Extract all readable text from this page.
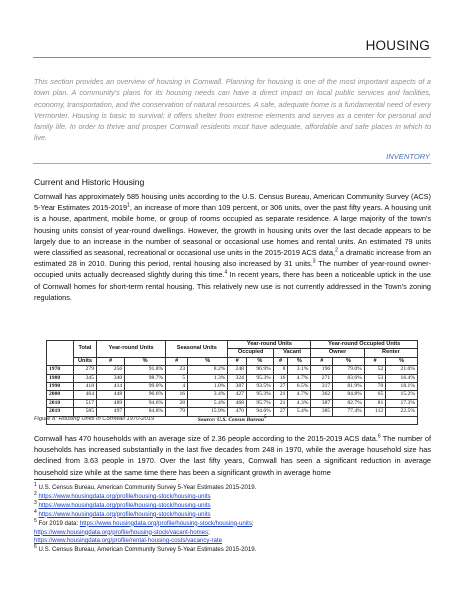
HOUSING

This section provides an overview of housing in Cornwall. Planning for housing is one of the most important aspects of a town plan. A community's plans for its housing needs can have a direct impact on local public services and facilities, economy, transportation, and the conservation of natural resources. A safe, adequate home is a fundamental need of every Vermonter. Housing is basic to survival; it offers shelter from extreme elements and serves as a center for personal and family life. In order to thrive and prosper Cornwall residents must have adequate, affordable and safe places in which to live.

INVENTORY
Current and Historic Housing

Cornwall has approximately 585 housing units according to the U.S. Census Bureau, American Community Survey (ACS) 5-Year Estimates 2015-2019$^1$, an increase of more than 109 percent, or 306 units, over the past fifty years. A housing unit is a house, apartment, mobile home, or group of rooms occupied as separate residence. A large majority of the town's housing units consist of year-round dwellings. However, the growth in housing units over the last decade appears to be largely due to an increase in the number of seasonal or occasional use homes and rental units. An estimated 79 units were classified as seasonal, recreational or occasional use units in the 2015-2019 ACS data,$^2$ a dramatic increase from an estimated 28 in 2010. During this period, rental housing also increased by 31 units.$^3$ The number of year-round owner-occupied units actually decreased slightly during this time.$^4$ In recent years, there has been a noticeable uptick in the use of Cornwall homes for short-term rental housing. This relatively new use is not currently addressed in the Town's zoning regulations.

	Total	Year-round Units		Seasonal Units		Year-round Units				Year-round Occupied Units			
						Occupied		Vacant		Owner		Renter	
	Units	#	%	#	%	#	%	#	%	#	%	#	%
1970	279	256	91.8%	23	8.2%	248	96.9%	8	3.1%	196	79.0%	52	21.0%
1980	345	340	98.7%	5	1.3%	324	95.3%	16	4.7%	271	83.6%	53	16.4%
1990	418	414	99.0%	4	1.0%	387	93.5%	27	6.5%	317	81.9%	70	18.1%
2000	464	448	96.6%	16	3.4%	427	95.3%	21	4.7%	362	84.8%	65	15.2%
2010	517	489	94.6%	28	5.4%	468	95.7%	21	4.3%	387	82.7%	81	17.3%
2019	585	497	84.8%	79	15.9%	470	94.6%	27	5.4%	385	77.4%	112	22.5%
Source: U.S. Census Bureau$^5$
Figure 8: Housing Units in Cornwall 1970-2019

Cornwall has 470 households with an average size of 2.36 people according to the 2015-2019 ACS data.$^6$ The number of households has increased substantially in the last five decades from 248 in 1970, while the average household size has declined from 3.63 people in 1970. Over the last fifty years, Cornwall has seen a significant reduction in average household size while at the same time there has been a significant growth in average home

$^1$ U.S. Census Bureau, American Community Survey 5-Year Estimates 2015-2019.

$^2$ https://www.housingdata.org/profile/housing-stock/housing-units

$^3$ https://www.housingdata.org/profile/housing-stock/housing-units

$^4$ https://www.housingdata.org/profile/housing-stock/housing-units

$^5$ For 2019 data: https://www.housingdata.org/profile/housing-stock/housing-units;
https://www.housingdata.org/profile/housing-stock/vacant-homes;
https://www.housingdata.org/profile/rental-housing-costs/vacancy-rate

$^6$ U.S. Census Bureau, American Community Survey 5-Year Estimates 2015-2019.
